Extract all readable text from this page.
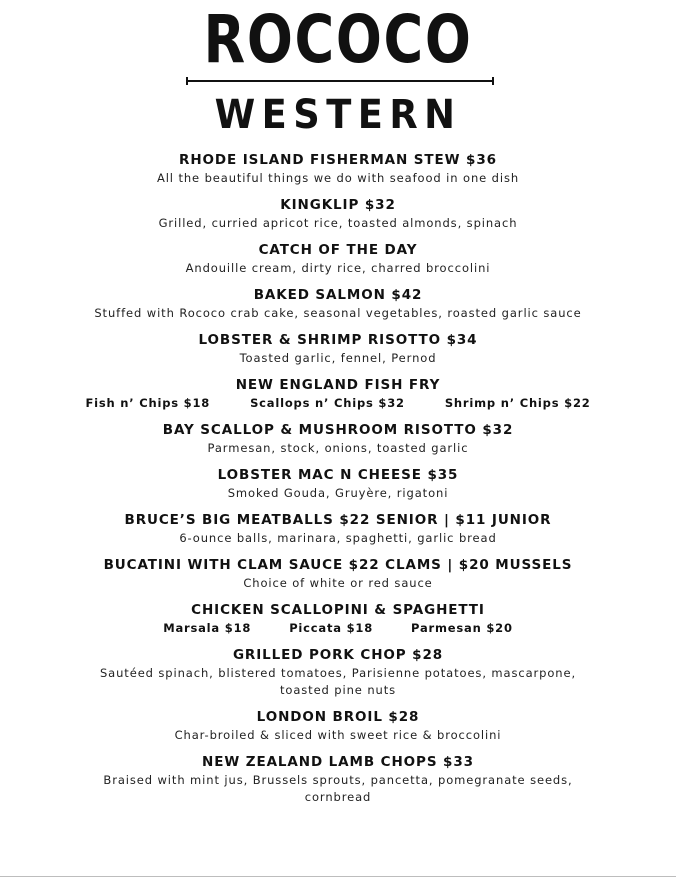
ROCOCO
WESTERN
RHODE ISLAND FISHERMAN STEW $36
All the beautiful things we do with seafood in one dish
KINGKLIP $32
Grilled, curried apricot rice, toasted almonds, spinach
CATCH OF THE DAY
Andouille cream, dirty rice, charred broccolini
BAKED SALMON $42
Stuffed with Rococo crab cake, seasonal vegetables, roasted garlic sauce
LOBSTER & SHRIMP RISOTTO $34
Toasted garlic, fennel, Pernod
NEW ENGLAND FISH FRY
Fish n’ Chips $18	Scallops n’ Chips $32	Shrimp n’ Chips $22
BAY SCALLOP & MUSHROOM RISOTTO $32
Parmesan, stock, onions, toasted garlic
LOBSTER MAC N CHEESE $35
Smoked Gouda, Gruyère, rigatoni
BRUCE’S BIG MEATBALLS $22 SENIOR | $11 JUNIOR
6-ounce balls, marinara, spaghetti, garlic bread
BUCATINI WITH CLAM SAUCE $22 CLAMS | $20 MUSSELS
Choice of white or red sauce
CHICKEN SCALLOPINI & SPAGHETTI
Marsala $18	Piccata $18	Parmesan $20
GRILLED PORK CHOP $28
Sautéed spinach, blistered tomatoes, Parisienne potatoes, mascarpone,
toasted pine nuts
LONDON BROIL $28
Char-broiled & sliced with sweet rice & broccolini
NEW ZEALAND LAMB CHOPS $33
Braised with mint jus, Brussels sprouts, pancetta, pomegranate seeds,
cornbread
